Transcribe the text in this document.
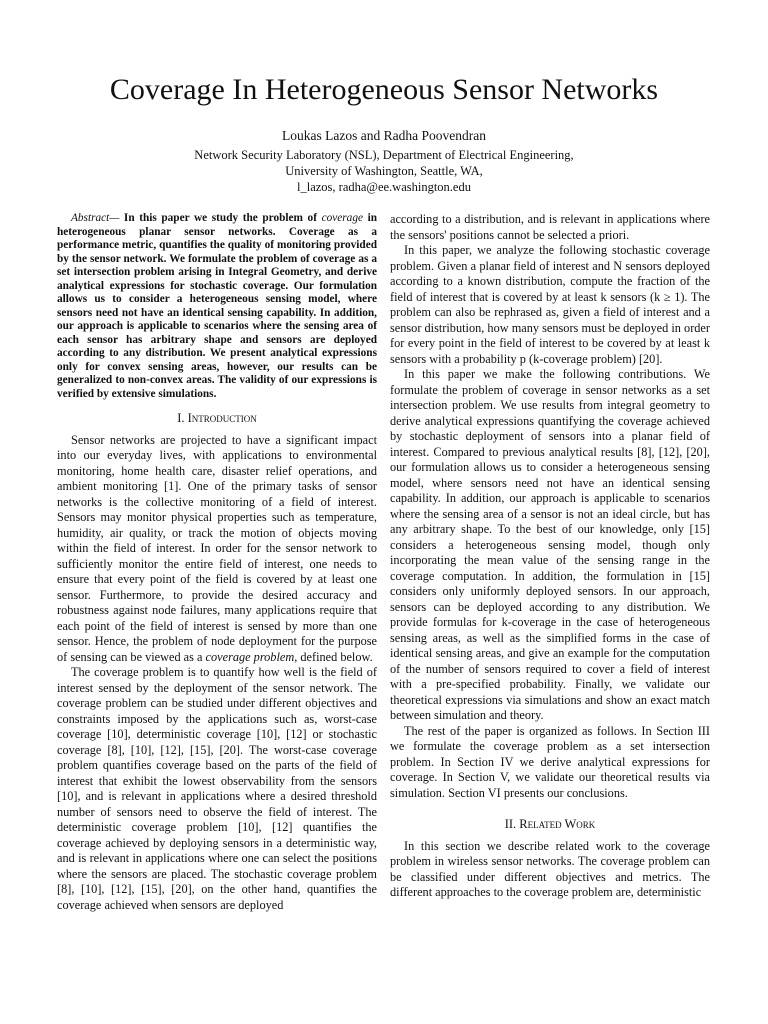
Coverage In Heterogeneous Sensor Networks
Loukas Lazos and Radha Poovendran
Network Security Laboratory (NSL), Department of Electrical Engineering,
University of Washington, Seattle, WA,
l_lazos, radha@ee.washington.edu

Abstract— In this paper we study the problem of coverage in heterogeneous planar sensor networks. Coverage as a performance metric, quantifies the quality of monitoring provided by the sensor network. We formulate the problem of coverage as a set intersection problem arising in Integral Geometry, and derive analytical expressions for stochastic coverage. Our formulation allows us to consider a heterogeneous sensing model, where sensors need not have an identical sensing capability. In addition, our approach is applicable to scenarios where the sensing area of each sensor has arbitrary shape and sensors are deployed according to any distribution. We present analytical expressions only for convex sensing areas, however, our results can be generalized to non-convex areas. The validity of our expressions is verified by extensive simulations.

I. Introduction

Sensor networks are projected to have a significant impact into our everyday lives, with applications to environmental monitoring, home health care, disaster relief operations, and ambient monitoring [1]. One of the primary tasks of sensor networks is the collective monitoring of a field of interest. Sensors may monitor physical properties such as temperature, humidity, air quality, or track the motion of objects moving within the field of interest. In order for the sensor network to sufficiently monitor the entire field of interest, one needs to ensure that every point of the field is covered by at least one sensor. Furthermore, to provide the desired accuracy and robustness against node failures, many applications require that each point of the field of interest is sensed by more than one sensor. Hence, the problem of node deployment for the purpose of sensing can be viewed as a coverage problem, defined below.

The coverage problem is to quantify how well is the field of interest sensed by the deployment of the sensor network. The coverage problem can be studied under different objectives and constraints imposed by the applications such as, worst-case coverage [10], deterministic coverage [10], [12] or stochastic coverage [8], [10], [12], [15], [20]. The worst-case coverage problem quantifies coverage based on the parts of the field of interest that exhibit the lowest observability from the sensors [10], and is relevant in applications where a desired threshold number of sensors need to observe the field of interest. The deterministic coverage problem [10], [12] quantifies the coverage achieved by deploying sensors in a deterministic way, and is relevant in applications where one can select the positions where the sensors are placed. The stochastic coverage problem [8], [10], [12], [15], [20], on the other hand, quantifies the coverage achieved when sensors are deployed

according to a distribution, and is relevant in applications where the sensors' positions cannot be selected a priori.

In this paper, we analyze the following stochastic coverage problem. Given a planar field of interest and N sensors deployed according to a known distribution, compute the fraction of the field of interest that is covered by at least k sensors (k ≥ 1). The problem can also be rephrased as, given a field of interest and a sensor distribution, how many sensors must be deployed in order for every point in the field of interest to be covered by at least k sensors with a probability p (k-coverage problem) [20].

In this paper we make the following contributions. We formulate the problem of coverage in sensor networks as a set intersection problem. We use results from integral geometry to derive analytical expressions quantifying the coverage achieved by stochastic deployment of sensors into a planar field of interest. Compared to previous analytical results [8], [12], [20], our formulation allows us to consider a heterogeneous sensing model, where sensors need not have an identical sensing capability. In addition, our approach is applicable to scenarios where the sensing area of a sensor is not an ideal circle, but has any arbitrary shape. To the best of our knowledge, only [15] considers a heterogeneous sensing model, though only incorporating the mean value of the sensing range in the coverage computation. In addition, the formulation in [15] considers only uniformly deployed sensors. In our approach, sensors can be deployed according to any distribution. We provide formulas for k-coverage in the case of heterogeneous sensing areas, as well as the simplified forms in the case of identical sensing areas, and give an example for the computation of the number of sensors required to cover a field of interest with a pre-specified probability. Finally, we validate our theoretical expressions via simulations and show an exact match between simulation and theory.

The rest of the paper is organized as follows. In Section III we formulate the coverage problem as a set intersection problem. In Section IV we derive analytical expressions for coverage. In Section V, we validate our theoretical results via simulation. Section VI presents our conclusions.

II. Related Work

In this section we describe related work to the coverage problem in wireless sensor networks. The coverage problem can be classified under different objectives and metrics. The different approaches to the coverage problem are, deterministic
